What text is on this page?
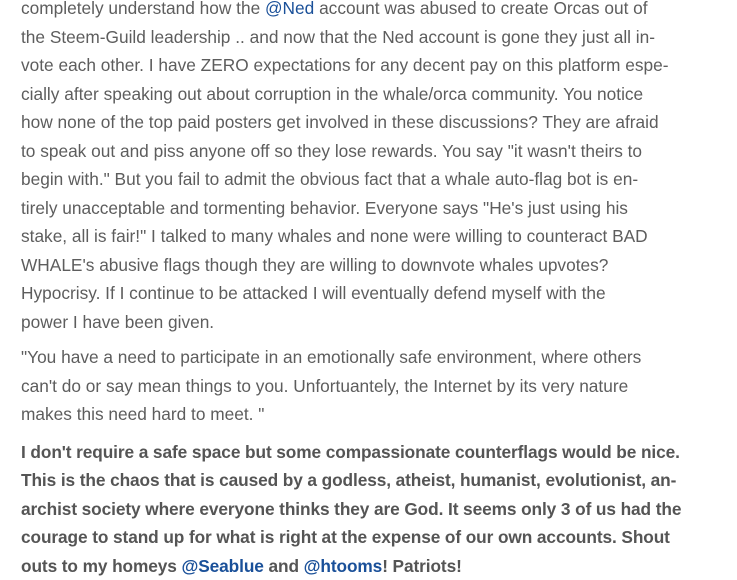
completely understand how the @Ned account was abused to create Orcas out of
the Steem-Guild leadership .. and now that the Ned account is gone they just all in-
vote each other. I have ZERO expectations for any decent pay on this platform espe-
cially after speaking out about corruption in the whale/orca community. You notice
how none of the top paid posters get involved in these discussions? They are afraid
to speak out and piss anyone off so they lose rewards. You say "it wasn't theirs to
begin with." But you fail to admit the obvious fact that a whale auto-flag bot is en-
tirely unacceptable and tormenting behavior. Everyone says "He's just using his
stake, all is fair!" I talked to many whales and none were willing to counteract BAD
WHALE's abusive flags though they are willing to downvote whales upvotes?
Hypocrisy. If I continue to be attacked I will eventually defend myself with the
power I have been given.

"You have a need to participate in an emotionally safe environment, where others
can't do or say mean things to you. Unfortuantely, the Internet by its very nature
makes this need hard to meet. "

I don't require a safe space but some compassionate counterflags would be nice.
This is the chaos that is caused by a godless, atheist, humanist, evolutionist, an-
archist society where everyone thinks they are God. It seems only 3 of us had the
courage to stand up for what is right at the expense of our own accounts. Shout
outs to my homeys @Seablue and @htooms! Patriots!
